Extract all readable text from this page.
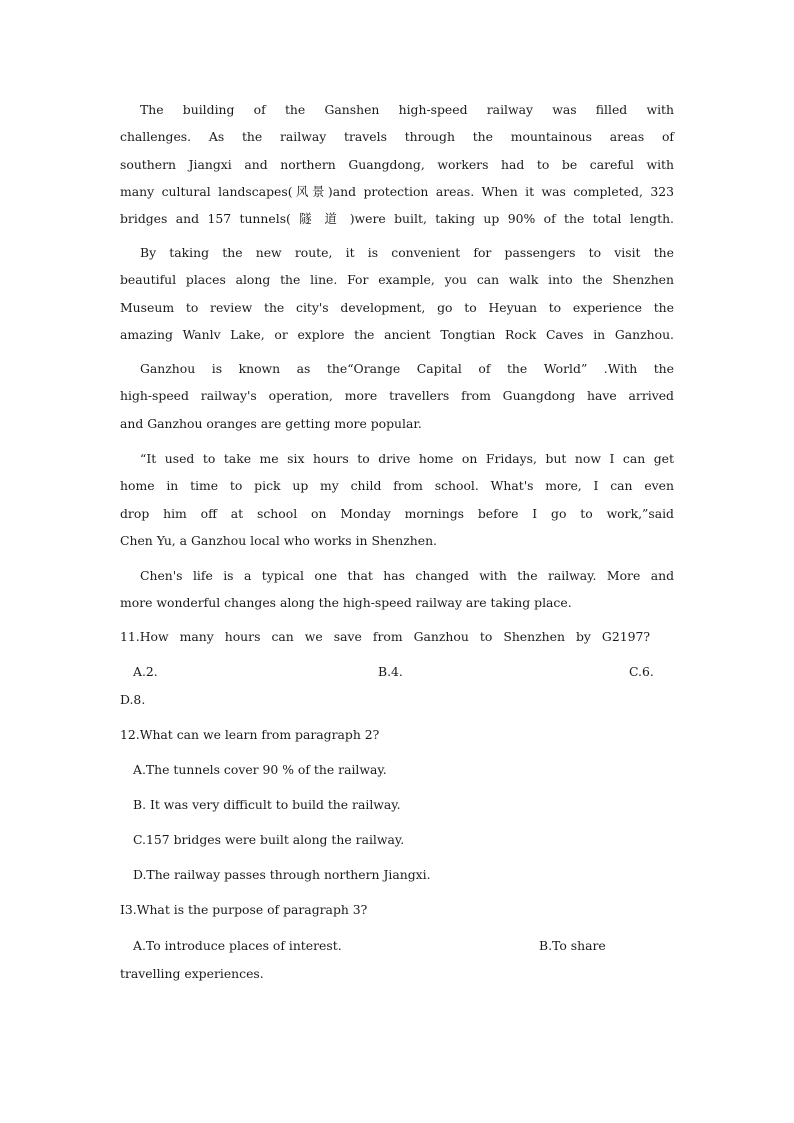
The building of the Ganshen high-speed railway was filled with
challenges. As the railway travels through the mountainous areas of
southern Jiangxi and northern Guangdong, workers had to be careful with
many cultural landscapes(风景)and protection areas. When it was completed, 323
bridges and 157 tunnels( 隧 道 )were built, taking up 90% of the total length.
By taking the new route, it is convenient for passengers to visit the
beautiful places along the line. For example, you can walk into the Shenzhen
Museum to review the city's development, go to Heyuan to experience the
amazing Wanlv Lake, or explore the ancient Tongtian Rock Caves in Ganzhou.
Ganzhou is known as the“Orange Capital of the World” .With the
high-speed railway's operation, more travellers from Guangdong have arrived
and Ganzhou oranges are getting more popular.
“It used to take me six hours to drive home on Fridays, but now I can get
home in time to pick up my child from school. What's more, I can even
drop him off at school on Monday mornings before I go to work,”said
Chen Yu, a Ganzhou local who works in Shenzhen.
Chen's life is a typical one that has changed with the railway. More and
more wonderful changes along the high-speed railway are taking place.
11.How many hours can we save from Ganzhou to Shenzhen by G2197?
A.2.	B.4.	C.6.
D.8.
12.What can we learn from paragraph 2?
A.The tunnels cover 90 % of the railway.
B. It was very difficult to build the railway.
C.157 bridges were built along the railway.
D.The railway passes through northern Jiangxi.
I3.What is the purpose of paragraph 3?
A.To introduce places of interest.	B.To share
travelling experiences.
